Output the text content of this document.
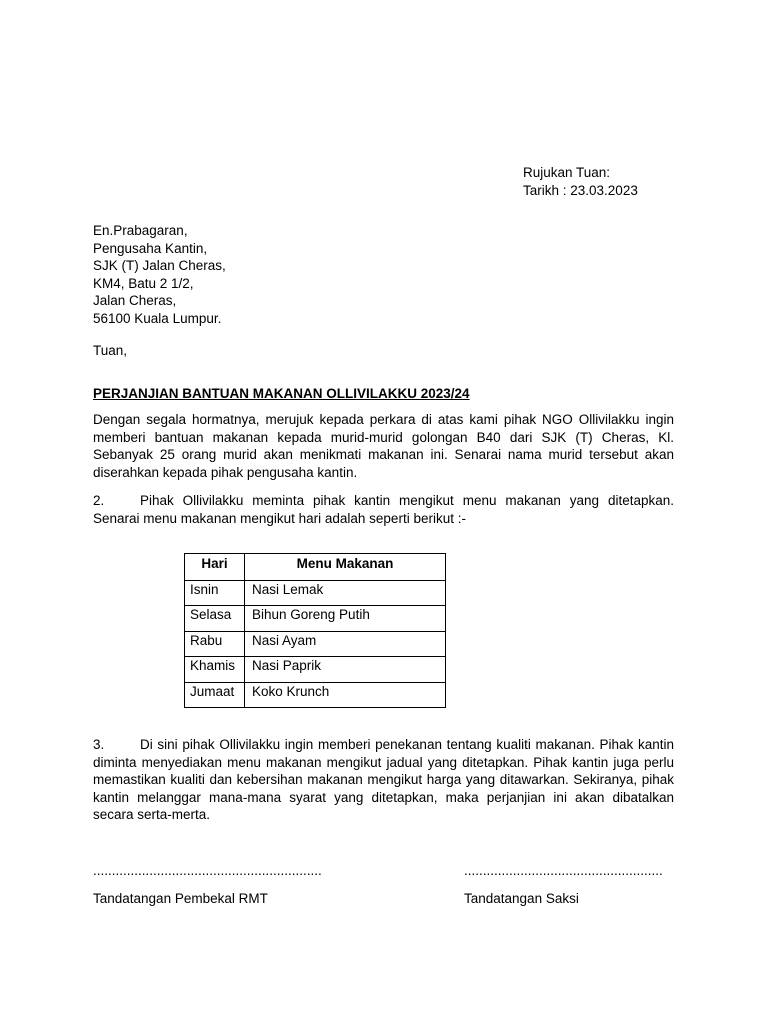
Rujukan Tuan:
Tarikh : 23.03.2023
En.Prabagaran,
Pengusaha Kantin,
SJK (T) Jalan Cheras,
KM4, Batu 2 1/2,
Jalan Cheras,
56100 Kuala Lumpur.
Tuan,
PERJANJIAN BANTUAN MAKANAN OLLIVILAKKU 2023/24
Dengan segala hormatnya, merujuk kepada perkara di atas kami pihak NGO Ollivilakku ingin memberi bantuan makanan kepada murid-murid golongan B40 dari SJK (T) Cheras, Kl. Sebanyak 25 orang murid akan menikmati makanan ini. Senarai nama murid tersebut akan diserahkan kepada pihak pengusaha kantin.
2.	Pihak Ollivilakku meminta pihak kantin mengikut menu makanan yang ditetapkan. Senarai menu makanan mengikut hari adalah seperti berikut :-
Hari	Menu Makanan
Isnin	Nasi Lemak
Selasa	Bihun Goreng Putih
Rabu	Nasi Ayam
Khamis	Nasi Paprik
Jumaat	Koko Krunch
3.	Di sini pihak Ollivilakku ingin memberi penekanan tentang kualiti makanan. Pihak kantin diminta menyediakan menu makanan mengikut jadual yang ditetapkan. Pihak kantin juga perlu memastikan kualiti dan kebersihan makanan mengikut harga yang ditawarkan. Sekiranya, pihak kantin melanggar mana-mana syarat yang ditetapkan, maka perjanjian ini akan dibatalkan secara serta-merta.
.............................................................
Tandatangan Pembekal RMT
.....................................................
Tandatangan Saksi
